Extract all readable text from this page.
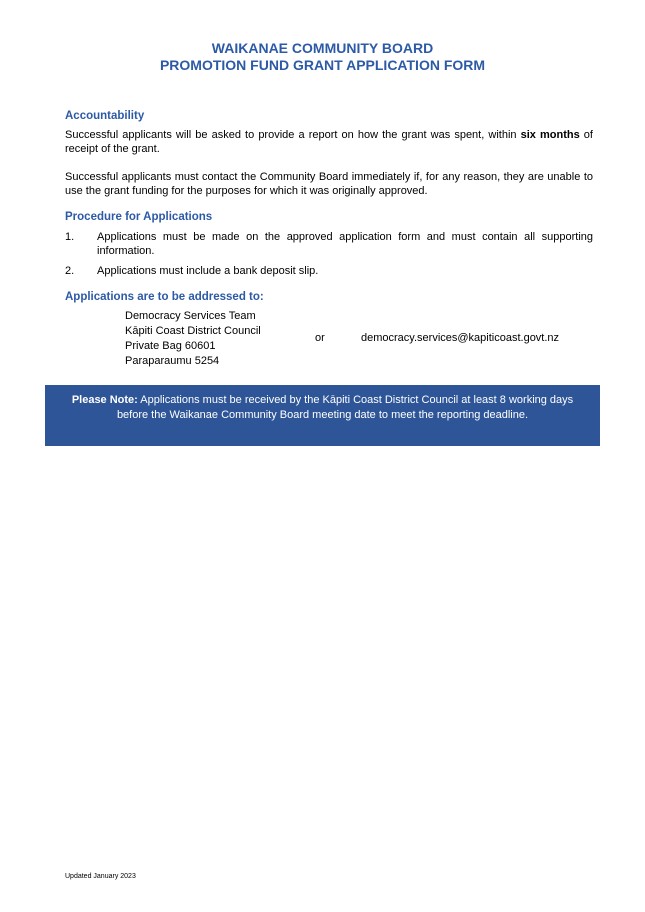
WAIKANAE COMMUNITY BOARD
PROMOTION FUND GRANT APPLICATION FORM
Accountability
Successful applicants will be asked to provide a report on how the grant was spent, within six months of receipt of the grant.
Successful applicants must contact the Community Board immediately if, for any reason, they are unable to use the grant funding for the purposes for which it was originally approved.
Procedure for Applications
1. Applications must be made on the approved application form and must contain all supporting information.
2. Applications must include a bank deposit slip.
Applications are to be addressed to:
Democracy Services Team
Kāpiti Coast District Council
Private Bag 60601
Paraparaumu 5254
or	democracy.services@kapiticoast.govt.nz
Please Note: Applications must be received by the Kāpiti Coast District Council at least 8 working days before the Waikanae Community Board meeting date to meet the reporting deadline.
Updated January 2023
